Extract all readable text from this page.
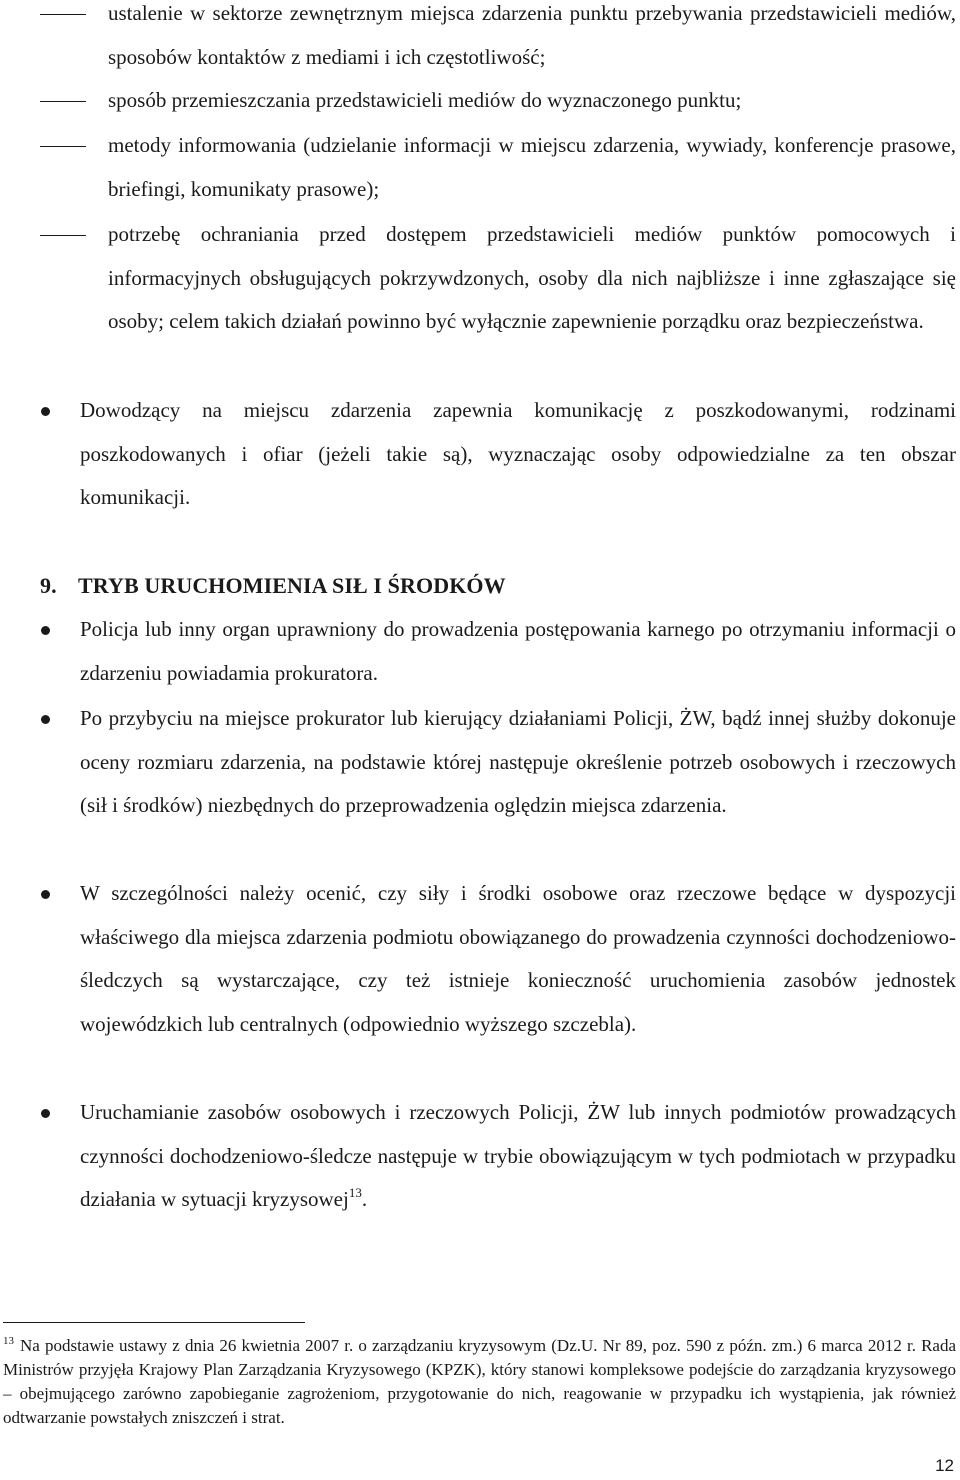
ustalenie w sektorze zewnętrznym miejsca zdarzenia punktu przebywania przedstawicieli mediów, sposobów kontaktów z mediami i ich częstotliwość;
sposób przemieszczania przedstawicieli mediów do wyznaczonego punktu;
metody informowania (udzielanie informacji w miejscu zdarzenia, wywiady, konferencje prasowe, briefingi, komunikaty prasowe);
potrzebę ochraniania przed dostępem przedstawicieli mediów punktów pomocowych i informacyjnych obsługujących pokrzywdzonych, osoby dla nich najbliższe i inne zgłaszające się osoby; celem takich działań powinno być wyłącznie zapewnienie porządku oraz bezpieczeństwa.
Dowodzący na miejscu zdarzenia zapewnia komunikację z poszkodowanymi, rodzinami poszkodowanych i ofiar (jeżeli takie są), wyznaczając osoby odpowiedzialne za ten obszar komunikacji.
9. TRYB URUCHOMIENIA SIŁ I ŚRODKÓW
Policja lub inny organ uprawniony do prowadzenia postępowania karnego po otrzymaniu informacji o zdarzeniu powiadamia prokuratora.
Po przybyciu na miejsce prokurator lub kierujący działaniami Policji, ŻW, bądź innej służby dokonuje oceny rozmiaru zdarzenia, na podstawie której następuje określenie potrzeb osobowych i rzeczowych (sił i środków) niezbędnych do przeprowadzenia oględzin miejsca zdarzenia.
W szczególności należy ocenić, czy siły i środki osobowe oraz rzeczowe będące w dyspozycji właściwego dla miejsca zdarzenia podmiotu obowiązanego do prowadzenia czynności dochodzeniowo-śledczych są wystarczające, czy też istnieje konieczność uruchomienia zasobów jednostek wojewódzkich lub centralnych (odpowiednio wyższego szczebla).
Uruchamianie zasobów osobowych i rzeczowych Policji, ŻW lub innych podmiotów prowadzących czynności dochodzeniowo-śledcze następuje w trybie obowiązującym w tych podmiotach w przypadku działania w sytuacji kryzysowej$^{13}$.
$^{13}$ Na podstawie ustawy z dnia 26 kwietnia 2007 r. o zarządzaniu kryzysowym (Dz.U. Nr 89, poz. 590 z późn. zm.) 6 marca 2012 r. Rada Ministrów przyjęła Krajowy Plan Zarządzania Kryzysowego (KPZK), który stanowi kompleksowe podejście do zarządzania kryzysowego – obejmującego zarówno zapobieganie zagrożeniom, przygotowanie do nich, reagowanie w przypadku ich wystąpienia, jak również odtwarzanie powstałych zniszczeń i strat.
12
